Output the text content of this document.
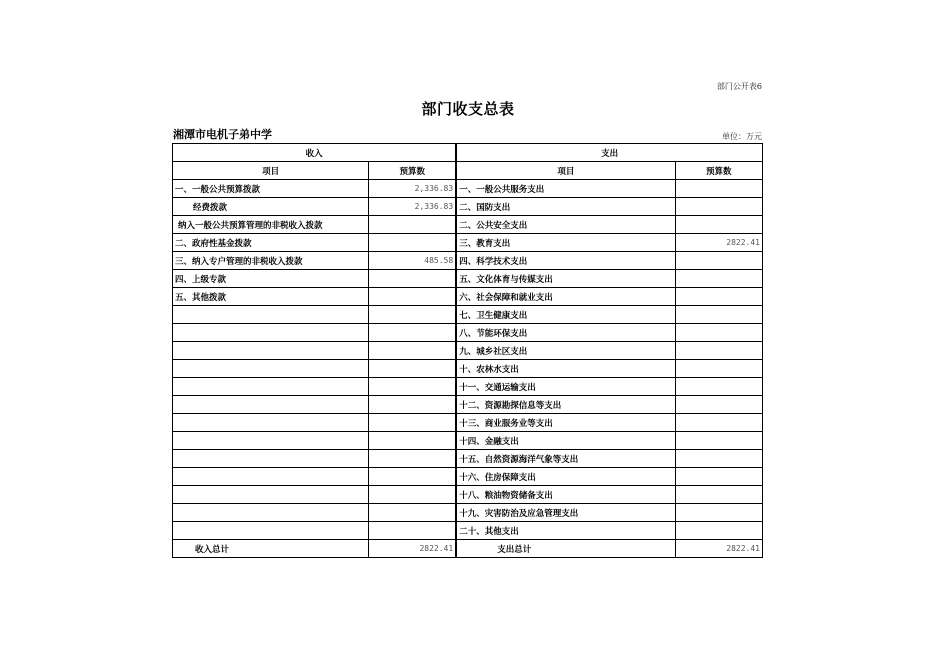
部门公开表6
部门收支总表
湘潭市电机子弟中学	单位：万元
收入		支出	
项目	预算数	项目	预算数
一、一般公共预算拨款	2,336.83	一、一般公共服务支出	
经费拨款	2,336.83	二、国防支出	
纳入一般公共预算管理的非税收入拨款		二、公共安全支出	
二、政府性基金拨款		三、教育支出	2822.41
三、纳入专户管理的非税收入拨款	485.58	四、科学技术支出	
四、上级专款		五、文化体育与传媒支出	
五、其他拨款		六、社会保障和就业支出	
		七、卫生健康支出	
		八、节能环保支出	
		九、城乡社区支出	
		十、农林水支出	
		十一、交通运输支出	
		十二、资源勘探信息等支出	
		十三、商业服务业等支出	
		十四、金融支出	
		十五、自然资源海洋气象等支出	
		十六、住房保障支出	
		十八、粮油物资储备支出	
		十九、灾害防治及应急管理支出	
		二十、其他支出	
收入总计	2822.41	支出总计	2822.41
